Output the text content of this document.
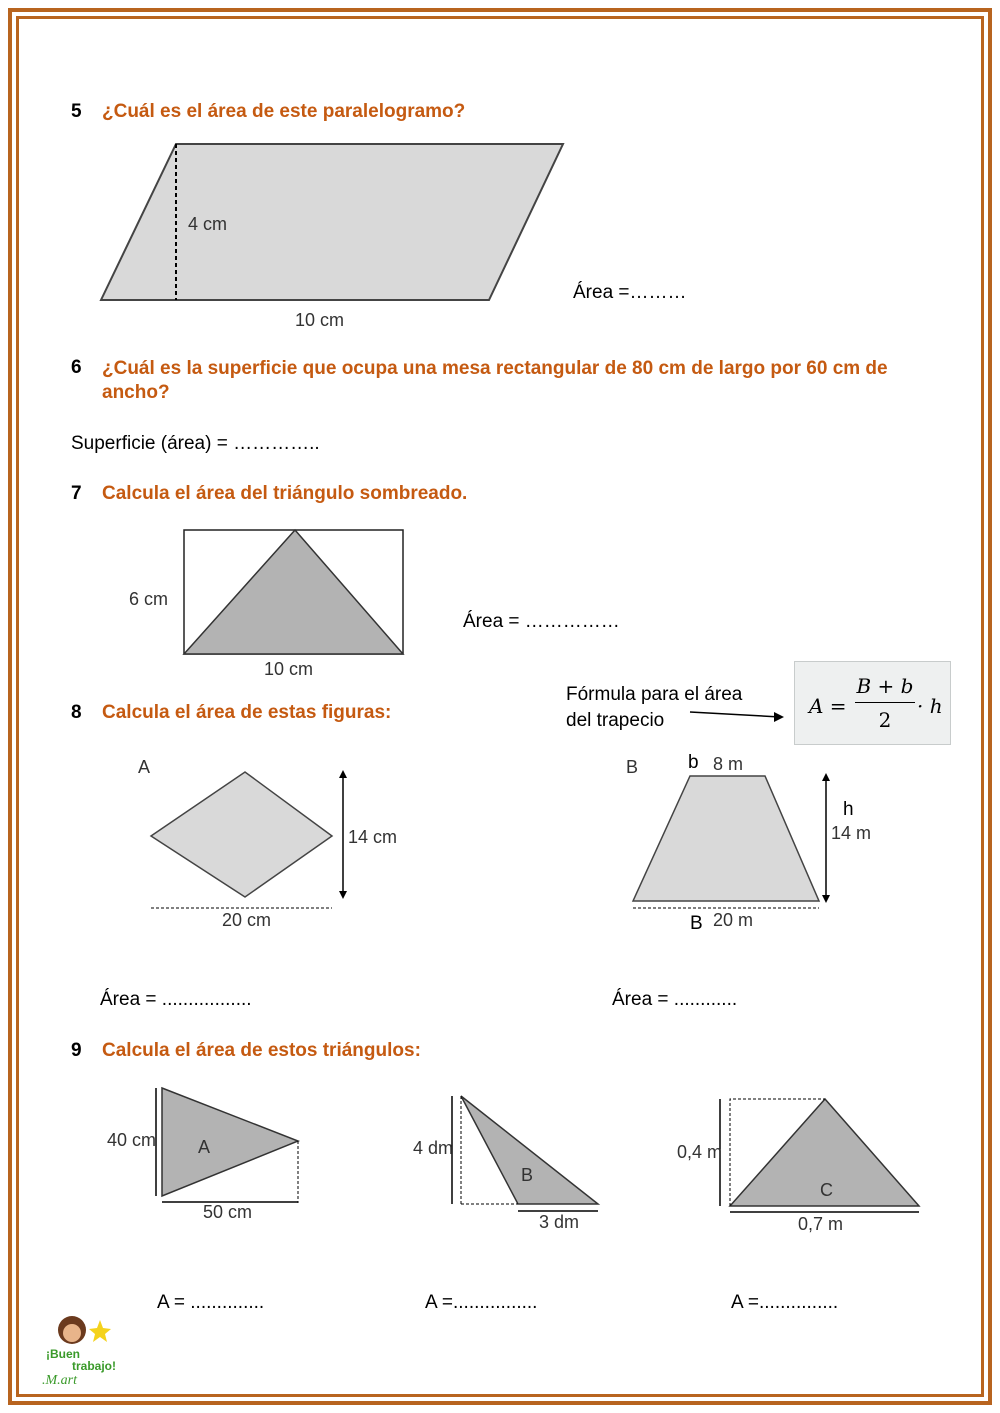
¡Buen
trabajo!
.M.art
5 ¿Cuál es el área de este paralelogramo?
4 cm
10 cm
Área =………
6 ¿Cuál es la superficie que ocupa una mesa rectangular de 80 cm de largo por 60 cm de ancho?
Superficie (área) = …………..
7 Calcula el área del triángulo sombreado.
6 cm
10 cm
Área = ……………
8 Calcula el área de estas figuras:
Fórmula para el área
del trapecio
A =
B + b
2
· h
A
14 cm
20 cm
Área = .................
B	b 8 m
h
14 m
B 20 m
Área = ............
9 Calcula el área de estos triángulos:
A
40 cm
50 cm
A = ..............
B
4 dm
3 dm
A =................
C
0,4 m
0,7 m
A =...............
